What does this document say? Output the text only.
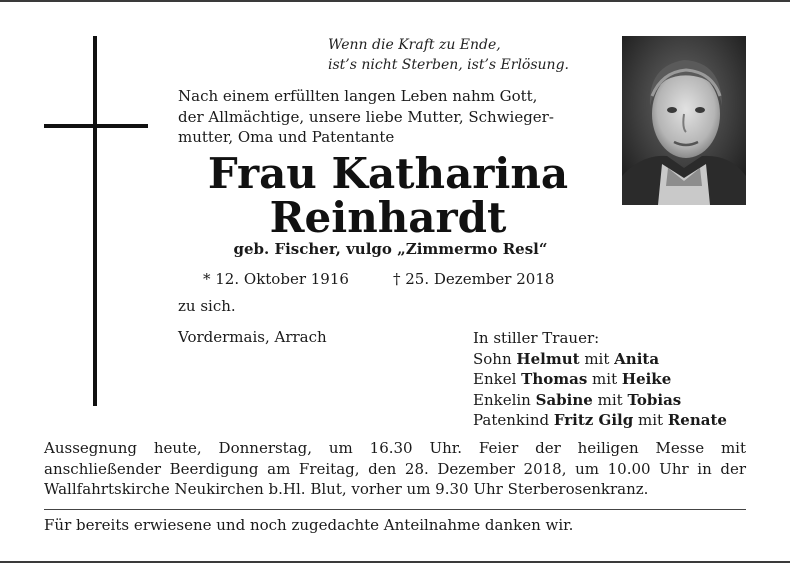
Wenn die Kraft zu Ende,
ist’s nicht Sterben, ist’s Erlösung.
Nach einem erfüllten langen Leben nahm Gott,
der Allmächtige, unsere liebe Mutter, Schwieger-
mutter, Oma und Patentante
Frau Katharina
Reinhardt
geb. Fischer, vulgo „Zimmermo Resl“
* 12. Oktober 1916	† 25. Dezember 2018
zu sich.
Vordermais, Arrach	In stiller Trauer:
Sohn Helmut mit Anita
Enkel Thomas mit Heike
Enkelin Sabine mit Tobias
Patenkind Fritz Gilg mit Renate
Aussegnung heute, Donnerstag, um 16.30 Uhr. Feier der heiligen Messe mit anschließender Beerdigung am Freitag, den 28. Dezember 2018, um 10.00 Uhr in der Wallfahrtskirche Neukirchen b.Hl. Blut, vorher um 9.30 Uhr Sterberosenkranz.
Für bereits erwiesene und noch zugedachte Anteilnahme danken wir.
